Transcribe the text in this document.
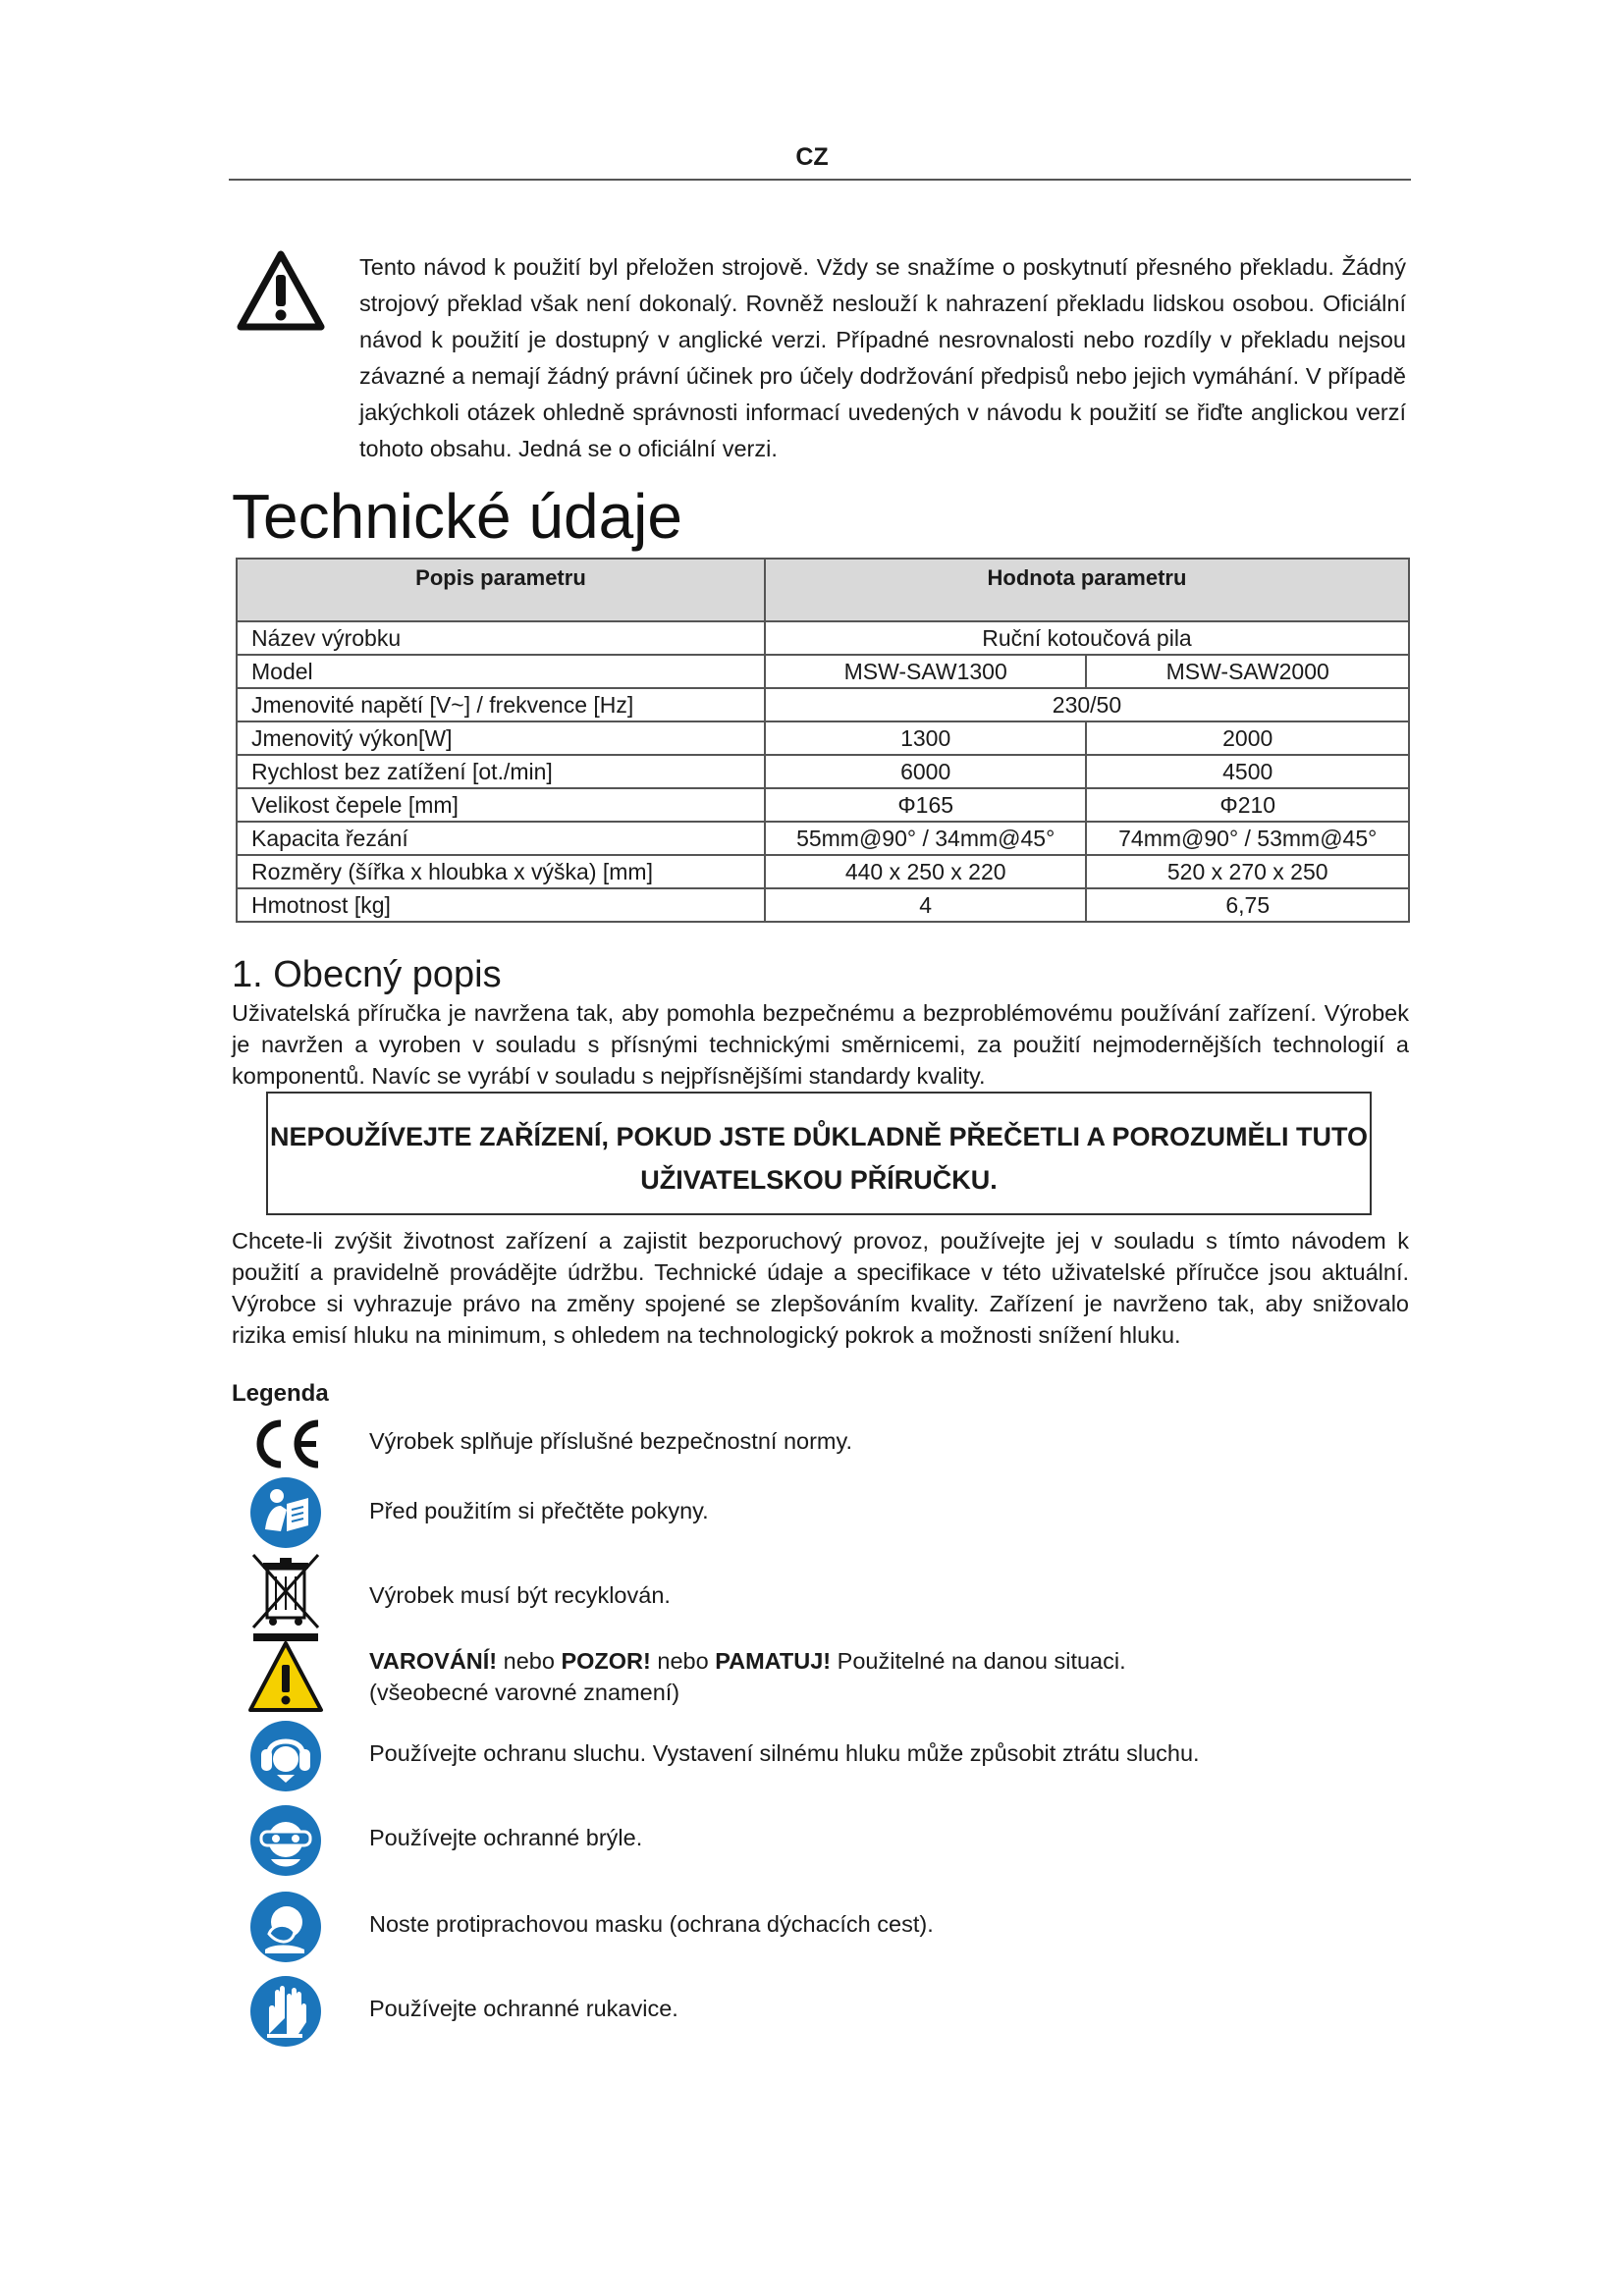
CZ

Tento návod k použití byl přeložen strojově. Vždy se snažíme o poskytnutí přesného překladu. Žádný strojový překlad však není dokonalý. Rovněž neslouží k nahrazení překladu lidskou osobou. Oficiální návod k použití je dostupný v anglické verzi. Případné nesrovnalosti nebo rozdíly v překladu nejsou závazné a nemají žádný právní účinek pro účely dodržování předpisů nebo jejich vymáhání. V případě jakýchkoli otázek ohledně správnosti informací uvedených v návodu k použití se řiďte anglickou verzí tohoto obsahu. Jedná se o oficiální verzi.

Technické údaje
Popis parametru	Hodnota parametru	
Název výrobku	Ruční kotoučová pila	
Model	MSW-SAW1300	MSW-SAW2000
Jmenovité napětí [V~] / frekvence [Hz]	230/50	
Jmenovitý výkon[W]	1300	2000
Rychlost bez zatížení [ot./min]	6000	4500
Velikost čepele [mm]	Φ165	Φ210
Kapacita řezání	55mm@90° / 34mm@45°	74mm@90° / 53mm@45°
Rozměry (šířka x hloubka x výška) [mm]	440 x 250 x 220	520 x 270 x 250
Hmotnost [kg]	4	6,75
1. Obecný popis
Uživatelská příručka je navržena tak, aby pomohla bezpečnému a bezproblémovému používání zařízení. Výrobek je navržen a vyroben v souladu s přísnými technickými směrnicemi, za použití nejmodernějších technologií a komponentů. Navíc se vyrábí v souladu s nejpřísnějšími standardy kvality.
NEPOUŽÍVEJTE ZAŘÍZENÍ, POKUD JSTE DŮKLADNĚ PŘEČETLI A POROZUMĚLI TUTO UŽIVATELSKOU PŘÍRUČKU.
Chcete-li zvýšit životnost zařízení a zajistit bezporuchový provoz, používejte jej v souladu s tímto návodem k použití a pravidelně provádějte údržbu. Technické údaje a specifikace v této uživatelské příručce jsou aktuální. Výrobce si vyhrazuje právo na změny spojené se zlepšováním kvality. Zařízení je navrženo tak, aby snižovalo rizika emisí hluku na minimum, s ohledem na technologický pokrok a možnosti snížení hluku.
Legenda
Výrobek splňuje příslušné bezpečnostní normy.
Před použitím si přečtěte pokyny.
Výrobek musí být recyklován.
VAROVÁNÍ! nebo POZOR! nebo PAMATUJ! Použitelné na danou situaci.
(všeobecné varovné znamení)
Používejte ochranu sluchu. Vystavení silnému hluku může způsobit ztrátu sluchu.
Používejte ochranné brýle.
Noste protiprachovou masku (ochrana dýchacích cest).
Používejte ochranné rukavice.
